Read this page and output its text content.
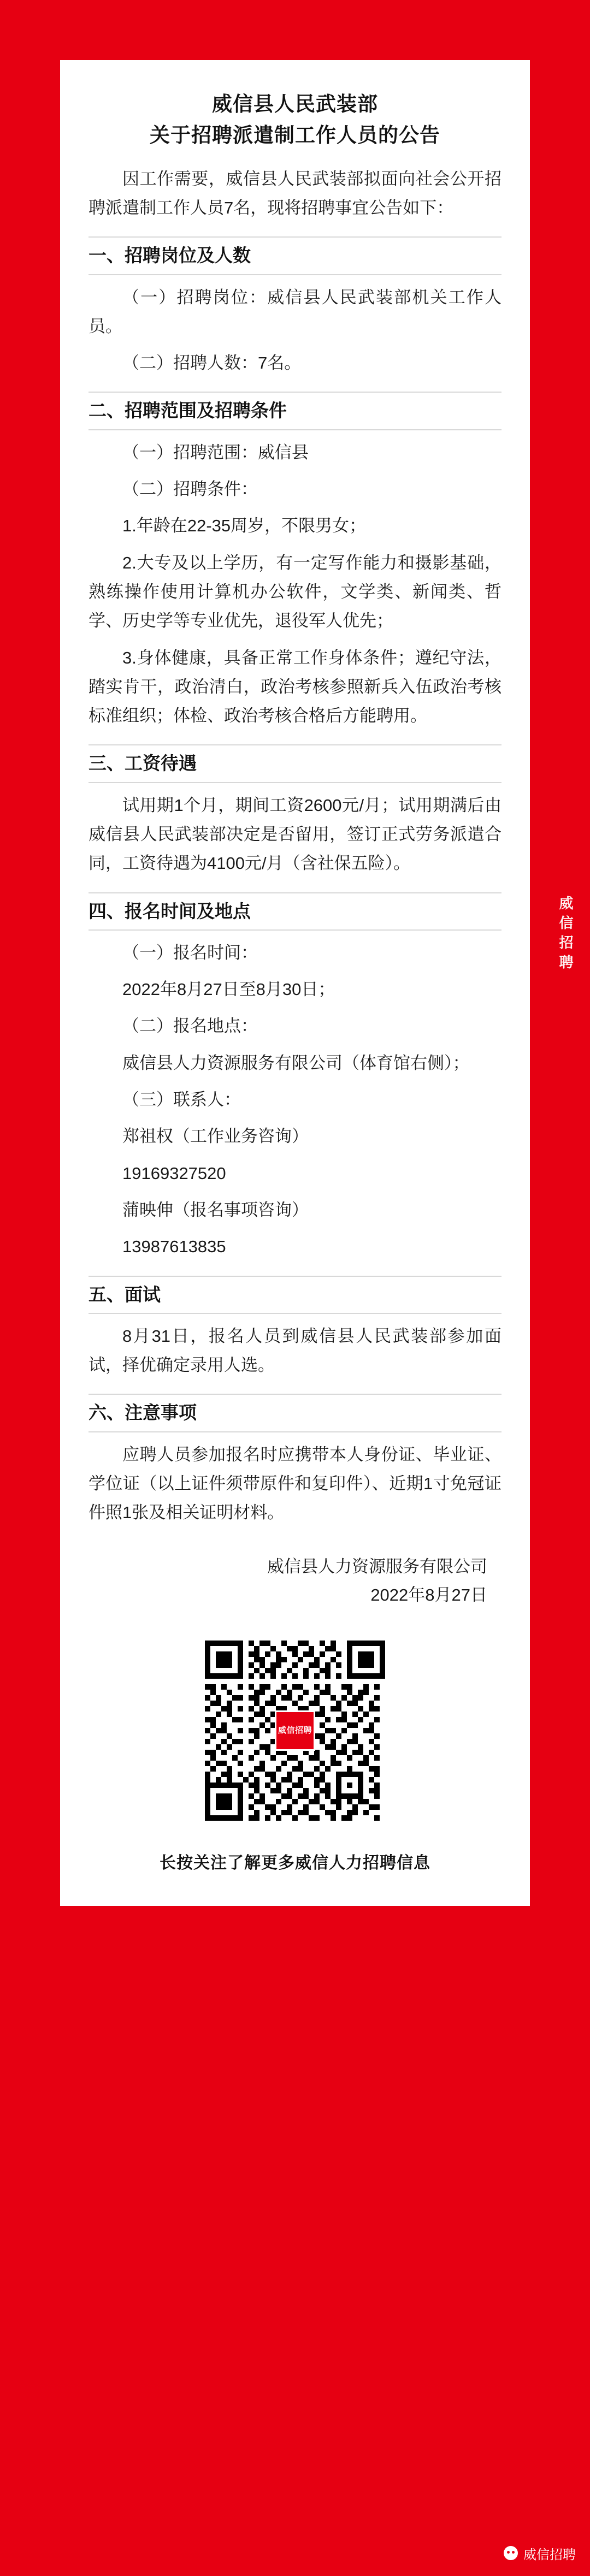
威信招聘
威信县人民武装部
关于招聘派遣制工作人员的公告

因工作需要，威信县人民武装部拟面向社会公开招聘派遣制工作人员7名，现将招聘事宜公告如下：

一、招聘岗位及人数

（一）招聘岗位：威信县人民武装部机关工作人员。

（二）招聘人数：7名。

二、招聘范围及招聘条件

（一）招聘范围：威信县

（二）招聘条件：

1.年龄在22-35周岁，不限男女；

2.大专及以上学历，有一定写作能力和摄影基础，熟练操作使用计算机办公软件，文学类、新闻类、哲学、历史学等专业优先，退役军人优先；

3.身体健康，具备正常工作身体条件；遵纪守法，踏实肯干，政治清白，政治考核参照新兵入伍政治考核标准组织；体检、政治考核合格后方能聘用。

三、工资待遇

试用期1个月，期间工资2600元/月；试用期满后由威信县人民武装部决定是否留用，签订正式劳务派遣合同，工资待遇为4100元/月（含社保五险）。

四、报名时间及地点

（一）报名时间：

2022年8月27日至8月30日；

（二）报名地点：

威信县人力资源服务有限公司（体育馆右侧）；

（三）联系人：

郑祖权（工作业务咨询）

19169327520

蒲映伸（报名事项咨询）

13987613835

五、面试

8月31日，报名人员到威信县人民武装部参加面试，择优确定录用人选。

六、注意事项

应聘人员参加报名时应携带本人身份证、毕业证、学位证（以上证件须带原件和复印件）、近期1寸免冠证件照1张及相关证明材料。

威信县人力资源服务有限公司
2022年8月27日
威信招聘
长按关注了解更多威信人力招聘信息
威信招聘
